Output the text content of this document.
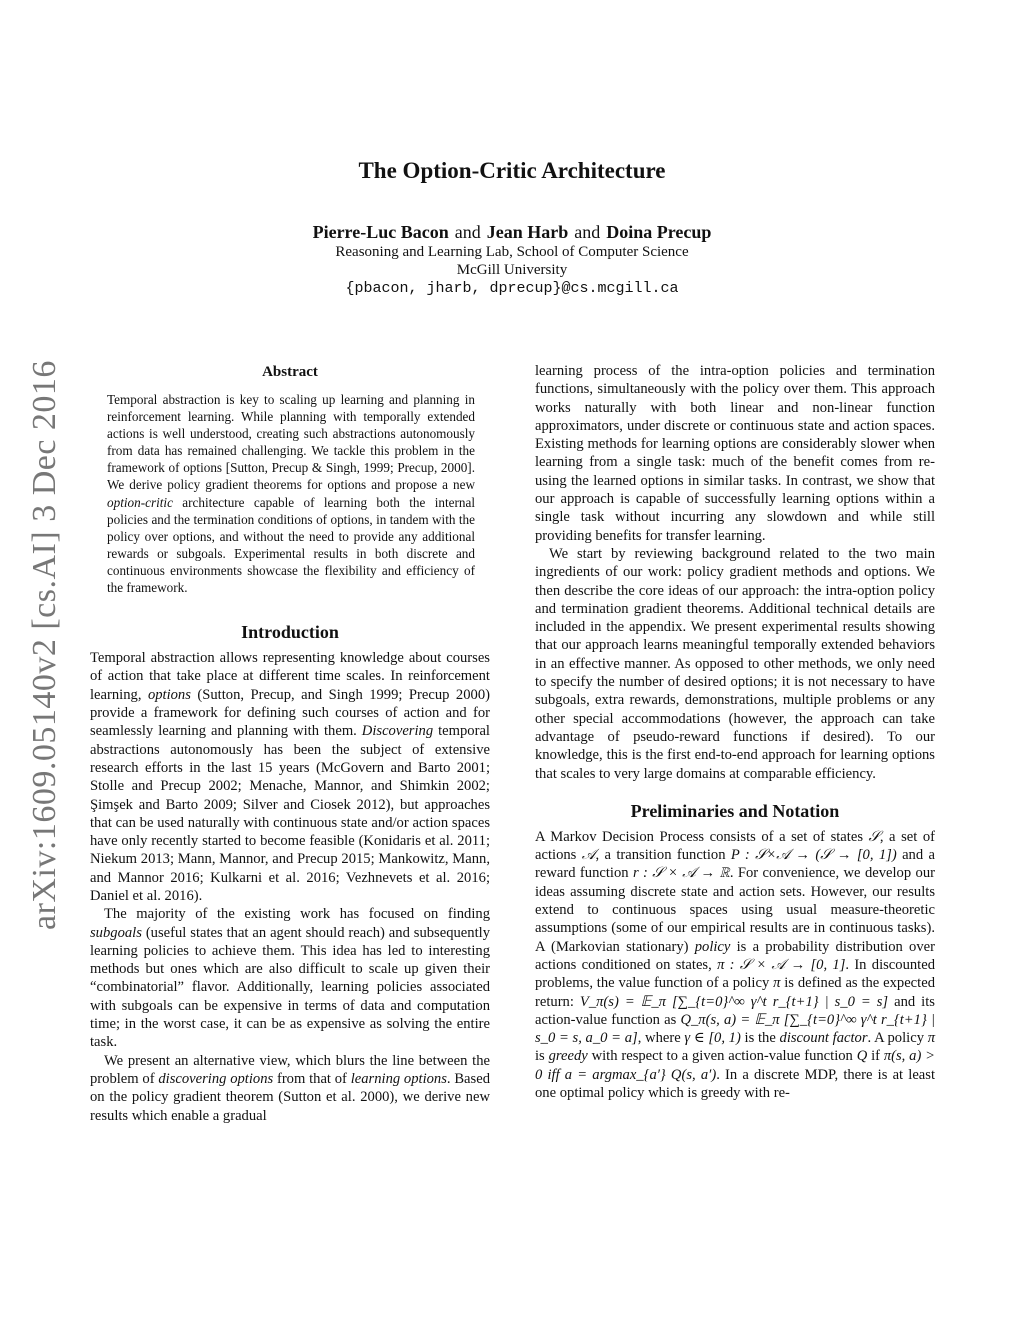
arXiv:1609.05140v2 [cs.AI] 3 Dec 2016
The Option-Critic Architecture
Pierre-Luc Bacon and Jean Harb and Doina Precup
Reasoning and Learning Lab, School of Computer Science
McGill University
{pbacon, jharb, dprecup}@cs.mcgill.ca
Abstract
Temporal abstraction is key to scaling up learning and planning in reinforcement learning. While planning with temporally extended actions is well understood, creating such abstractions autonomously from data has remained challenging. We tackle this problem in the framework of options [Sutton, Precup & Singh, 1999; Precup, 2000]. We derive policy gradient theorems for options and propose a new option-critic architecture capable of learning both the internal policies and the termination conditions of options, in tandem with the policy over options, and without the need to provide any additional rewards or subgoals. Experimental results in both discrete and continuous environments showcase the flexibility and efficiency of the framework.
Introduction

Temporal abstraction allows representing knowledge about courses of action that take place at different time scales. In reinforcement learning, options (Sutton, Precup, and Singh 1999; Precup 2000) provide a framework for defining such courses of action and for seamlessly learning and planning with them. Discovering temporal abstractions autonomously has been the subject of extensive research efforts in the last 15 years (McGovern and Barto 2001; Stolle and Precup 2002; Menache, Mannor, and Shimkin 2002; Şimşek and Barto 2009; Silver and Ciosek 2012), but approaches that can be used naturally with continuous state and/or action spaces have only recently started to become feasible (Konidaris et al. 2011; Niekum 2013; Mann, Mannor, and Precup 2015; Mankowitz, Mann, and Mannor 2016; Kulkarni et al. 2016; Vezhnevets et al. 2016; Daniel et al. 2016).

The majority of the existing work has focused on finding subgoals (useful states that an agent should reach) and subsequently learning policies to achieve them. This idea has led to interesting methods but ones which are also difficult to scale up given their “combinatorial” flavor. Additionally, learning policies associated with subgoals can be expensive in terms of data and computation time; in the worst case, it can be as expensive as solving the entire task.

We present an alternative view, which blurs the line between the problem of discovering options from that of learning options. Based on the policy gradient theorem (Sutton et al. 2000), we derive new results which enable a gradual

learning process of the intra-option policies and termination functions, simultaneously with the policy over them. This approach works naturally with both linear and non-linear function approximators, under discrete or continuous state and action spaces. Existing methods for learning options are considerably slower when learning from a single task: much of the benefit comes from re-using the learned options in similar tasks. In contrast, we show that our approach is capable of successfully learning options within a single task without incurring any slowdown and while still providing benefits for transfer learning.

We start by reviewing background related to the two main ingredients of our work: policy gradient methods and options. We then describe the core ideas of our approach: the intra-option policy and termination gradient theorems. Additional technical details are included in the appendix. We present experimental results showing that our approach learns meaningful temporally extended behaviors in an effective manner. As opposed to other methods, we only need to specify the number of desired options; it is not necessary to have subgoals, extra rewards, demonstrations, multiple problems or any other special accommodations (however, the approach can take advantage of pseudo-reward functions if desired). To our knowledge, this is the first end-to-end approach for learning options that scales to very large domains at comparable efficiency.

Preliminaries and Notation

A Markov Decision Process consists of a set of states 𝒮, a set of actions 𝒜, a transition function P : 𝒮×𝒜 → (𝒮 → [0, 1]) and a reward function r : 𝒮 × 𝒜 → ℝ. For convenience, we develop our ideas assuming discrete state and action sets. However, our results extend to continuous spaces using usual measure-theoretic assumptions (some of our empirical results are in continuous tasks). A (Markovian stationary) policy is a probability distribution over actions conditioned on states, π : 𝒮 × 𝒜 → [0, 1]. In discounted problems, the value function of a policy π is defined as the expected return: V_π(s) = 𝔼_π [∑_{t=0}^∞ γ^t r_{t+1} | s_0 = s] and its action-value function as Q_π(s, a) = 𝔼_π [∑_{t=0}^∞ γ^t r_{t+1} | s_0 = s, a_0 = a], where γ ∈ [0, 1) is the discount factor. A policy π is greedy with respect to a given action-value function Q if π(s, a) > 0 iff a = argmax_{a′} Q(s, a′). In a discrete MDP, there is at least one optimal policy which is greedy with re-
